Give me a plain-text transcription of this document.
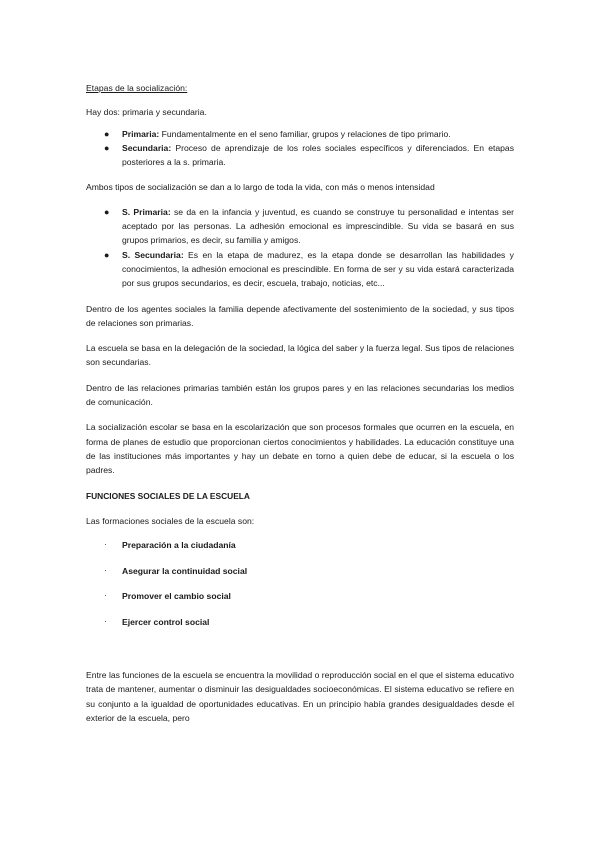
Etapas de la socialización:

Hay dos: primaria y secundaria.

● Primaria: Fundamentalmente en el seno familiar, grupos y relaciones de tipo primario.
● Secundaria: Proceso de aprendizaje de los roles sociales específicos y diferenciados. En etapas posteriores a la s. primaria.

Ambos tipos de socialización se dan a lo largo de toda la vida, con más o menos intensidad

● S. Primaria: se da en la infancia y juventud, es cuando se construye tu personalidad e intentas ser aceptado por las personas. La adhesión emocional es imprescindible. Su vida se basará en sus grupos primarios, es decir, su familia y amigos.
● S. Secundaria: Es en la etapa de madurez, es la etapa donde se desarrollan las habilidades y conocimientos, la adhesión emocional es prescindible. En forma de ser y su vida estará caracterizada por sus grupos secundarios, es decir, escuela, trabajo, noticias, etc...

Dentro de los agentes sociales la familia depende afectivamente del sostenimiento de la sociedad, y sus tipos de relaciones son primarias.

La escuela se basa en la delegación de la sociedad, la lógica del saber y la fuerza legal. Sus tipos de relaciones son secundarias.

Dentro de las relaciones primarias también están los grupos pares y en las relaciones secundarias los medios de comunicación.

La socialización escolar se basa en la escolarización que son procesos formales que ocurren en la escuela, en forma de planes de estudio que proporcionan ciertos conocimientos y habilidades. La educación constituye una de las instituciones más importantes y hay un debate en torno a quien debe de educar, si la escuela o los padres.

FUNCIONES SOCIALES DE LA ESCUELA

Las formaciones sociales de la escuela son:

· Preparación a la ciudadanía
· Asegurar la continuidad social
· Promover el cambio social
· Ejercer control social

Entre las funciones de la escuela se encuentra la movilidad o reproducción social en el que el sistema educativo trata de mantener, aumentar o disminuir las desigualdades socioeconómicas. El sistema educativo se refiere en su conjunto a la igualdad de oportunidades educativas. En un principio había grandes desigualdades desde el exterior de la escuela, pero
